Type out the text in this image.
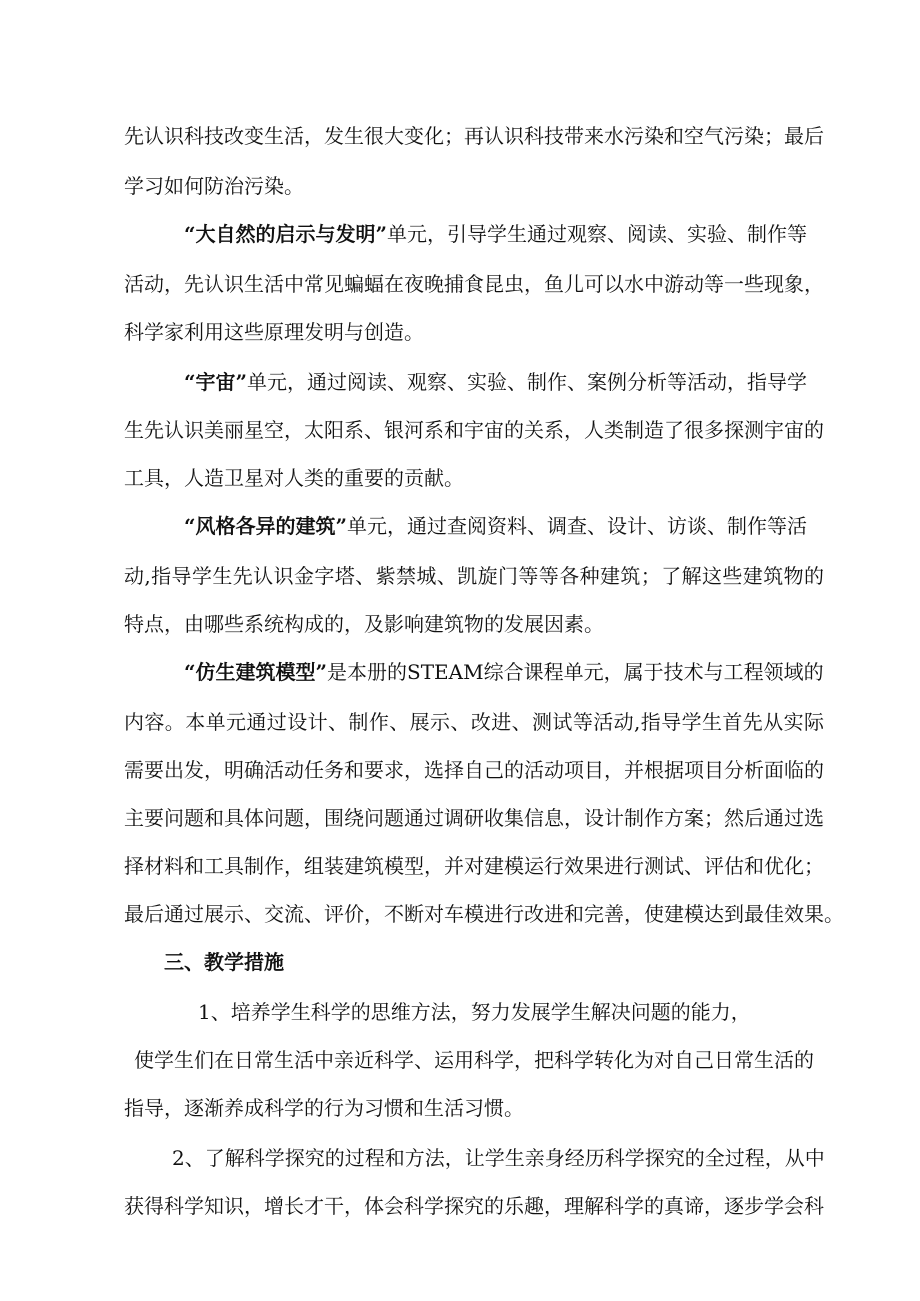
先认识科技改变生活，发生很大变化；再认识科技带来水污染和空气污染；最后
学习如何防治污染。
“大自然的启示与发明”单元，引导学生通过观察、阅读、实验、制作等
活动，先认识生活中常见蝙蝠在夜晚捕食昆虫，鱼儿可以水中游动等一些现象，
科学家利用这些原理发明与创造。
“宇宙”单元，通过阅读、观察、实验、制作、案例分析等活动，指导学
生先认识美丽星空，太阳系、银河系和宇宙的关系，人类制造了很多探测宇宙的
工具，人造卫星对人类的重要的贡献。
“风格各异的建筑”单元，通过查阅资料、调查、设计、访谈、制作等活
动,指导学生先认识金字塔、紫禁城、凯旋门等等各种建筑；了解这些建筑物的
特点，由哪些系统构成的，及影响建筑物的发展因素。
“仿生建筑模型”是本册的STEAM综合课程单元，属于技术与工程领域的
内容。本单元通过设计、制作、展示、改进、测试等活动,指导学生首先从实际
需要出发，明确活动任务和要求，选择自己的活动项目，并根据项目分析面临的
主要问题和具体问题，围绕问题通过调研收集信息，设计制作方案；然后通过选
择材料和工具制作，组装建筑模型，并对建模运行效果进行测试、评估和优化；
最后通过展示、交流、评价，不断对车模进行改进和完善，使建模达到最佳效果。
三、教学措施
1、培养学生科学的思维方法，努力发展学生解决问题的能力，
使学生们在日常生活中亲近科学、运用科学，把科学转化为对自己日常生活的
指导，逐渐养成科学的行为习惯和生活习惯。
2、了解科学探究的过程和方法，让学生亲身经历科学探究的全过程，从中
获得科学知识，增长才干，体会科学探究的乐趣，理解科学的真谛，逐步学会科
